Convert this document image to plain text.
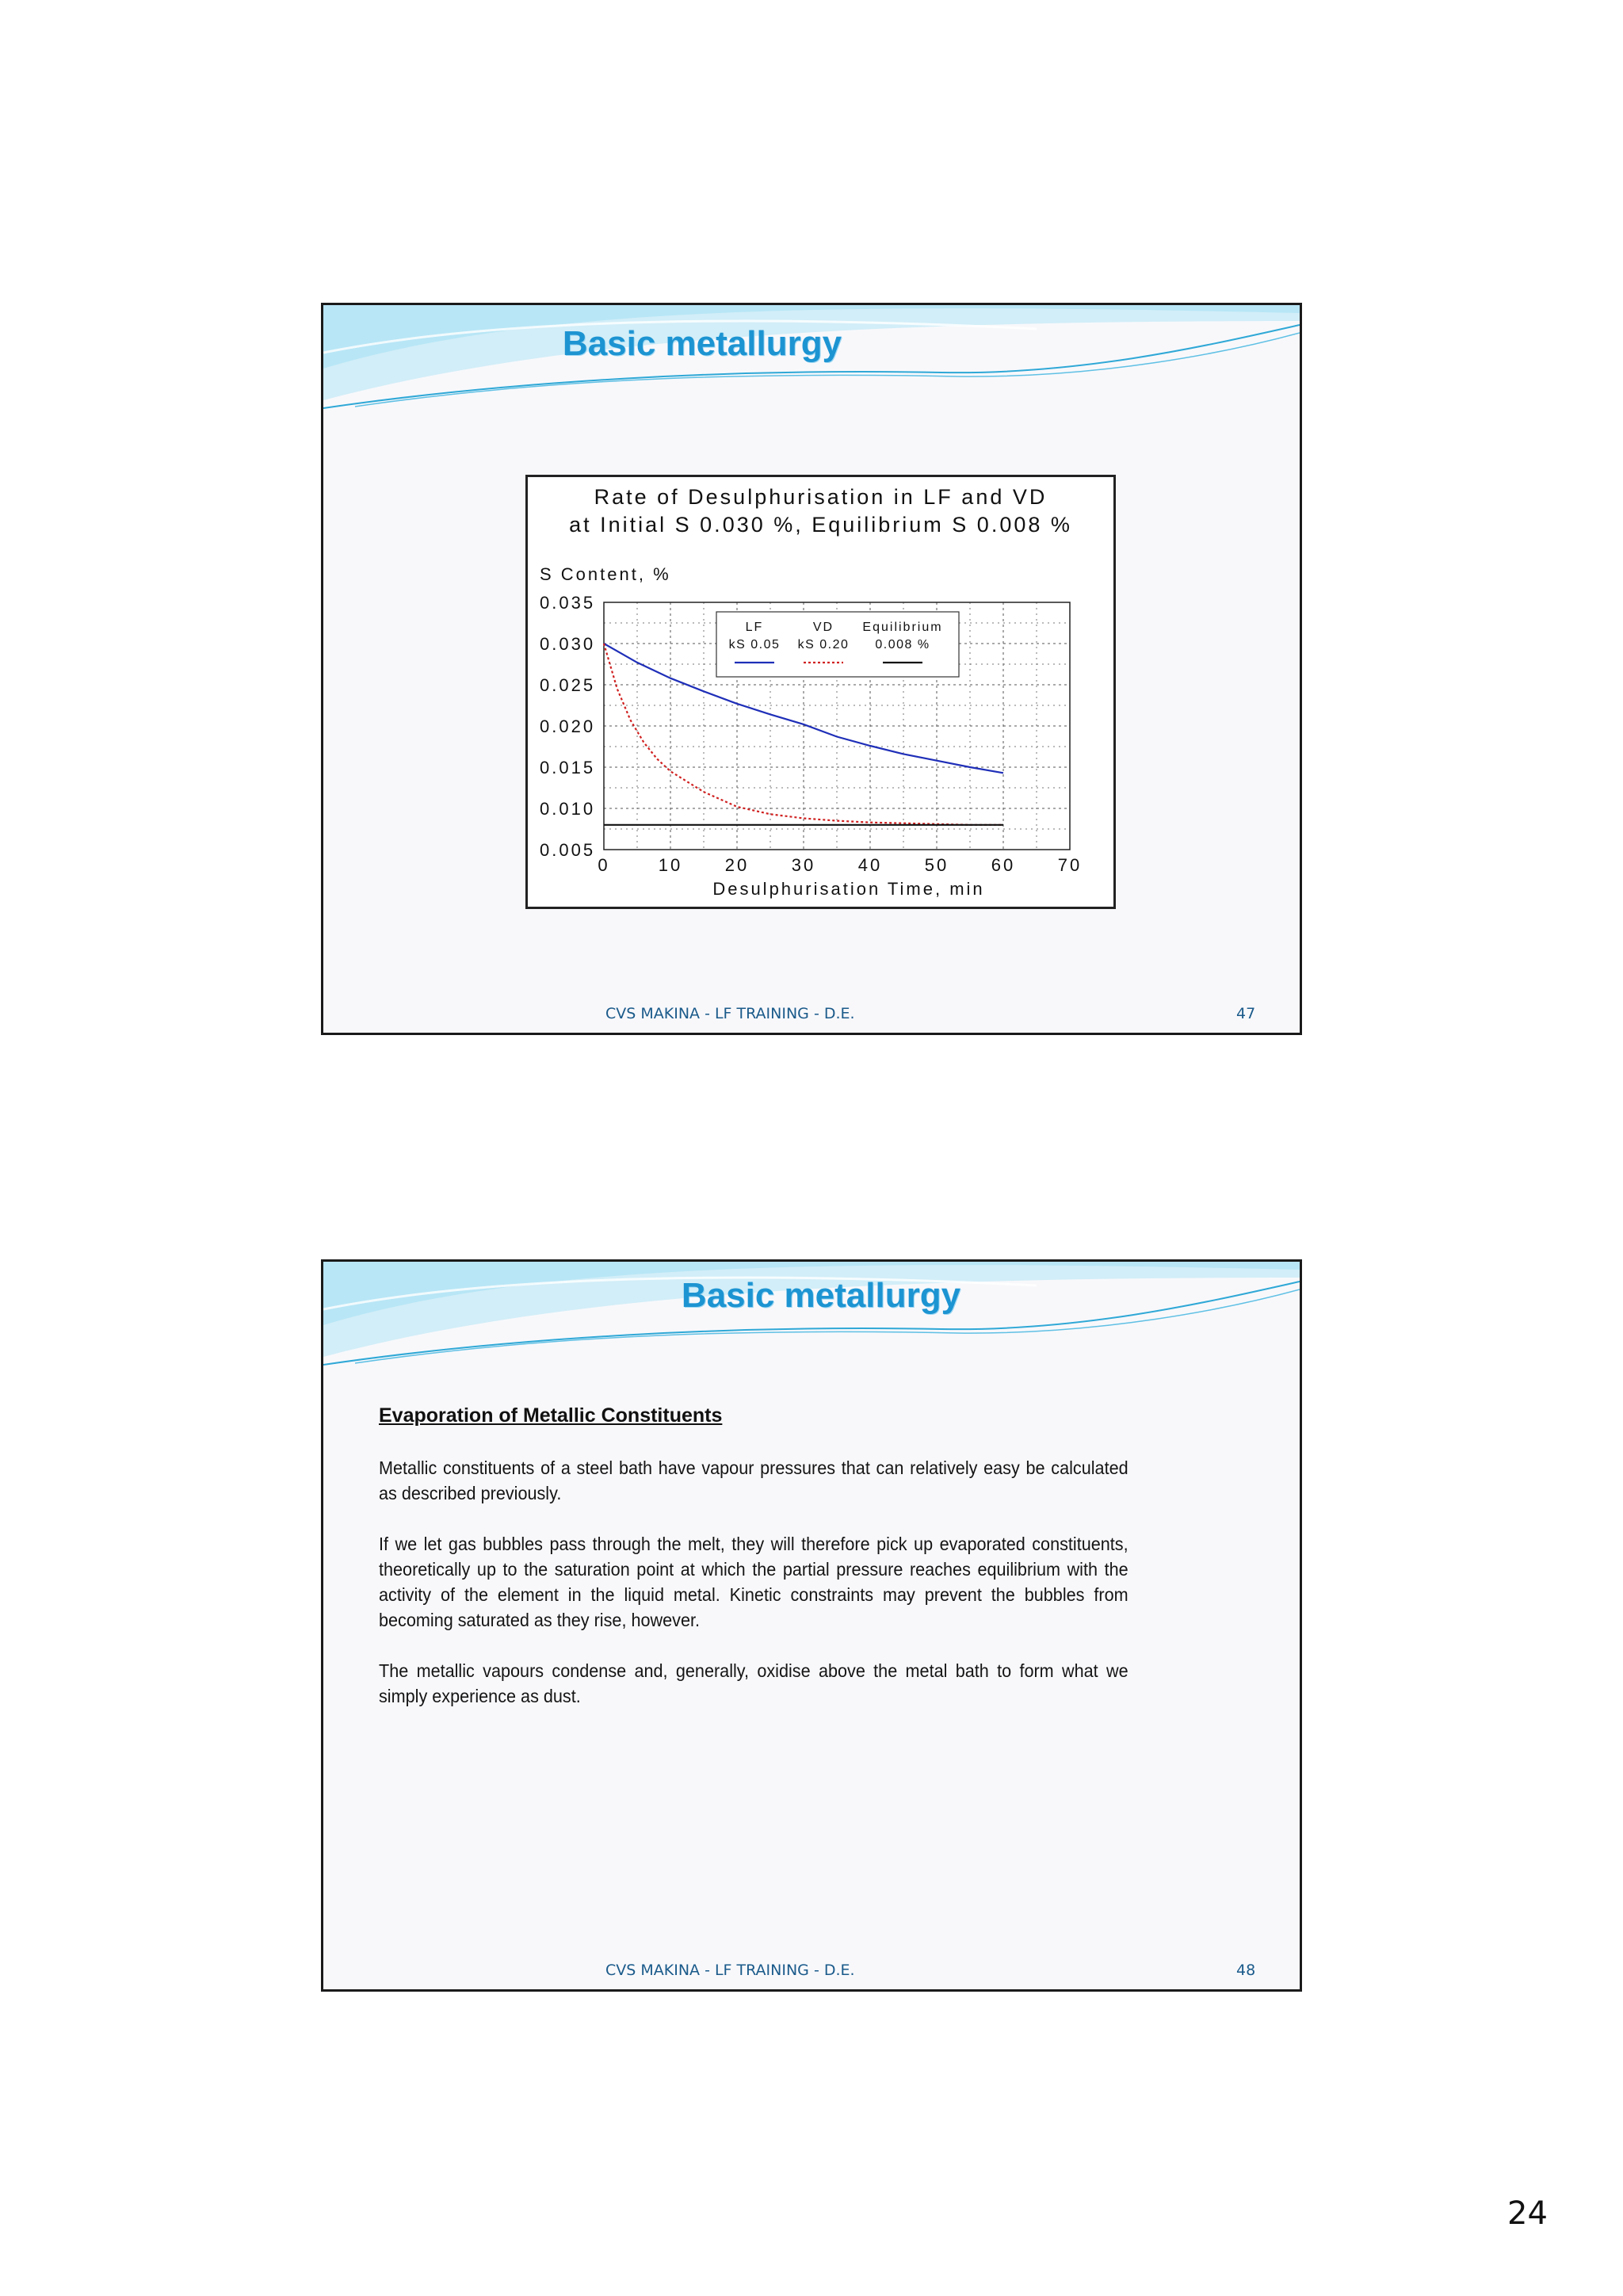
Basic metallurgy
Rate of Desulphurisation in LF and VD
at Initial S 0.030 %, Equilibrium S 0.008 %
0	10 20 30 40 50 60 70
0.035
0.030
0.025
0.020
0.015
0.010
0.005
S Content, %
Desulphurisation Time, min
LF
kS 0.05
VD
kS 0.20
Equilibrium
0.008 %
CVS MAKINA - LF TRAINING - D.E.	47
Basic metallurgy

Evaporation of Metallic Constituents

Metallic constituents of a steel bath have vapour pressures that can relatively easy be calculated as described previously.

If we let gas bubbles pass through the melt, they will therefore pick up evaporated constituents, theoretically up to the saturation point at which the partial pressure reaches equilibrium with the activity of the element in the liquid metal. Kinetic constraints may prevent the bubbles from becoming saturated as they rise, however.

The metallic vapours condense and, generally, oxidise above the metal bath to form what we simply experience as dust.

CVS MAKINA - LF TRAINING - D.E.	48
24
